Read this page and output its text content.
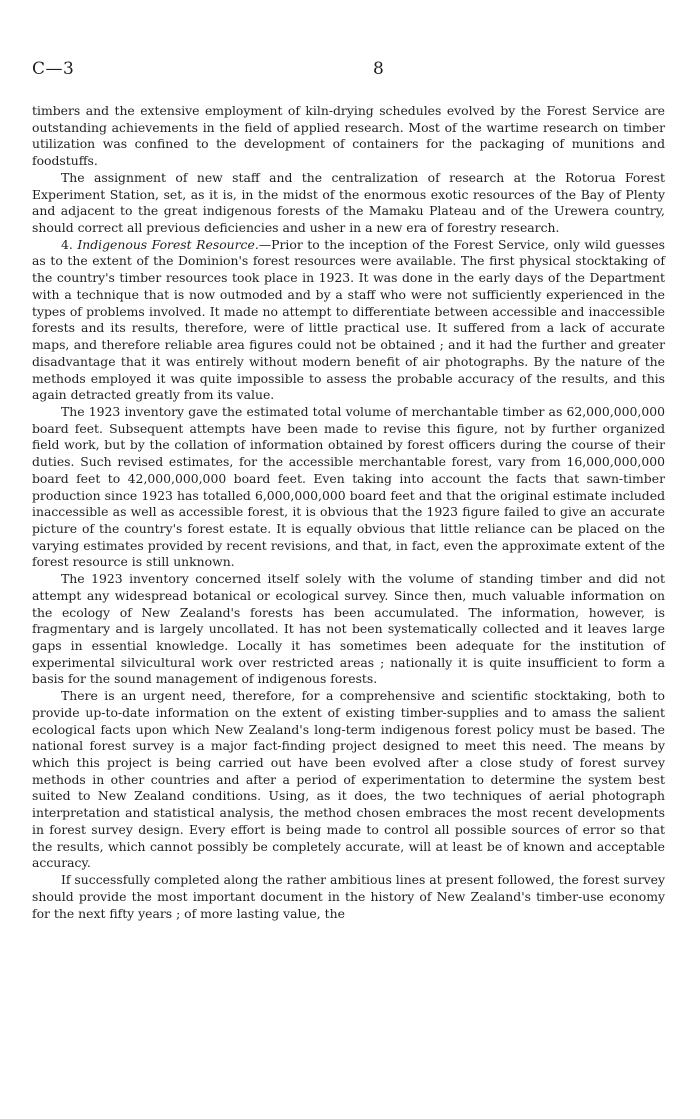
C—3	8

timbers and the extensive employment of kiln-drying schedules evolved by the Forest Service are outstanding achievements in the field of applied research. Most of the wartime research on timber utilization was confined to the development of containers for the packaging of munitions and foodstuffs.

The assignment of new staff and the centralization of research at the Rotorua Forest Experiment Station, set, as it is, in the midst of the enormous exotic resources of the Bay of Plenty and adjacent to the great indigenous forests of the Mamaku Plateau and of the Urewera country, should correct all previous deficiencies and usher in a new era of forestry research.

4. Indigenous Forest Resource.—Prior to the inception of the Forest Service, only wild guesses as to the extent of the Dominion's forest resources were available. The first physical stocktaking of the country's timber resources took place in 1923. It was done in the early days of the Department with a technique that is now outmoded and by a staff who were not sufficiently experienced in the types of problems involved. It made no attempt to differentiate between accessible and inaccessible forests and its results, therefore, were of little practical use. It suffered from a lack of accurate maps, and therefore reliable area figures could not be obtained ; and it had the further and greater disadvantage that it was entirely without modern benefit of air photographs. By the nature of the methods employed it was quite impossible to assess the probable accuracy of the results, and this again detracted greatly from its value.

The 1923 inventory gave the estimated total volume of merchantable timber as 62,000,000,000 board feet. Subsequent attempts have been made to revise this figure, not by further organized field work, but by the collation of information obtained by forest officers during the course of their duties. Such revised estimates, for the accessible merchantable forest, vary from 16,000,000,000 board feet to 42,000,000,000 board feet. Even taking into account the facts that sawn-timber production since 1923 has totalled 6,000,000,000 board feet and that the original estimate included inaccessible as well as accessible forest, it is obvious that the 1923 figure failed to give an accurate picture of the country's forest estate. It is equally obvious that little reliance can be placed on the varying estimates provided by recent revisions, and that, in fact, even the approximate extent of the forest resource is still unknown.

The 1923 inventory concerned itself solely with the volume of standing timber and did not attempt any widespread botanical or ecological survey. Since then, much valuable information on the ecology of New Zealand's forests has been accumulated. The information, however, is fragmentary and is largely uncollated. It has not been systematically collected and it leaves large gaps in essential knowledge. Locally it has sometimes been adequate for the institution of experimental silvicultural work over restricted areas ; nationally it is quite insufficient to form a basis for the sound management of indigenous forests.

There is an urgent need, therefore, for a comprehensive and scientific stocktaking, both to provide up-to-date information on the extent of existing timber-supplies and to amass the salient ecological facts upon which New Zealand's long-term indigenous forest policy must be based. The national forest survey is a major fact-finding project designed to meet this need. The means by which this project is being carried out have been evolved after a close study of forest survey methods in other countries and after a period of experimentation to determine the system best suited to New Zealand conditions. Using, as it does, the two techniques of aerial photograph interpretation and statistical analysis, the method chosen embraces the most recent developments in forest survey design. Every effort is being made to control all possible sources of error so that the results, which cannot possibly be completely accurate, will at least be of known and acceptable accuracy.

If successfully completed along the rather ambitious lines at present followed, the forest survey should provide the most important document in the history of New Zealand's timber-use economy for the next fifty years ; of more lasting value, the
